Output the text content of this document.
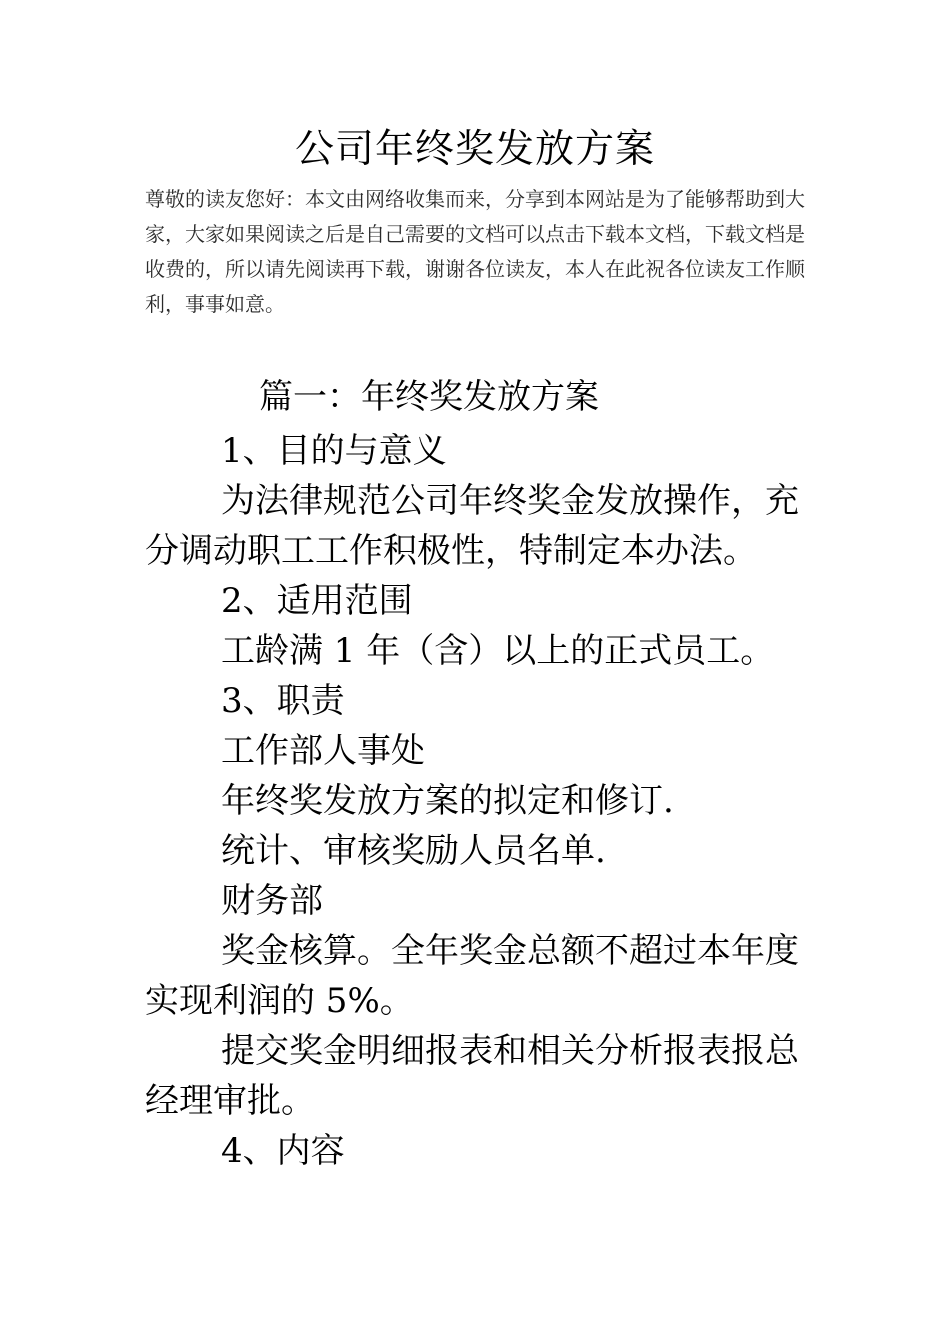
公司年终奖发放方案

尊敬的读友您好：本文由网络收集而来，分享到本网站是为了能够帮助到大家，大家如果阅读之后是自己需要的文档可以点击下载本文档，下载文档是收费的，所以请先阅读再下载，谢谢各位读友，本人在此祝各位读友工作顺利，事事如意。

篇一：年终奖发放方案

1、目的与意义

为法律规范公司年终奖金发放操作，充分调动职工工作积极性，特制定本办法。

2、适用范围

工龄满 1 年（含）以上的正式员工。

3、职责

工作部人事处

年终奖发放方案的拟定和修订.

统计、审核奖励人员名单.

财务部

奖金核算。全年奖金总额不超过本年度实现利润的 5%。

提交奖金明细报表和相关分析报表报总经理审批。

4、内容
